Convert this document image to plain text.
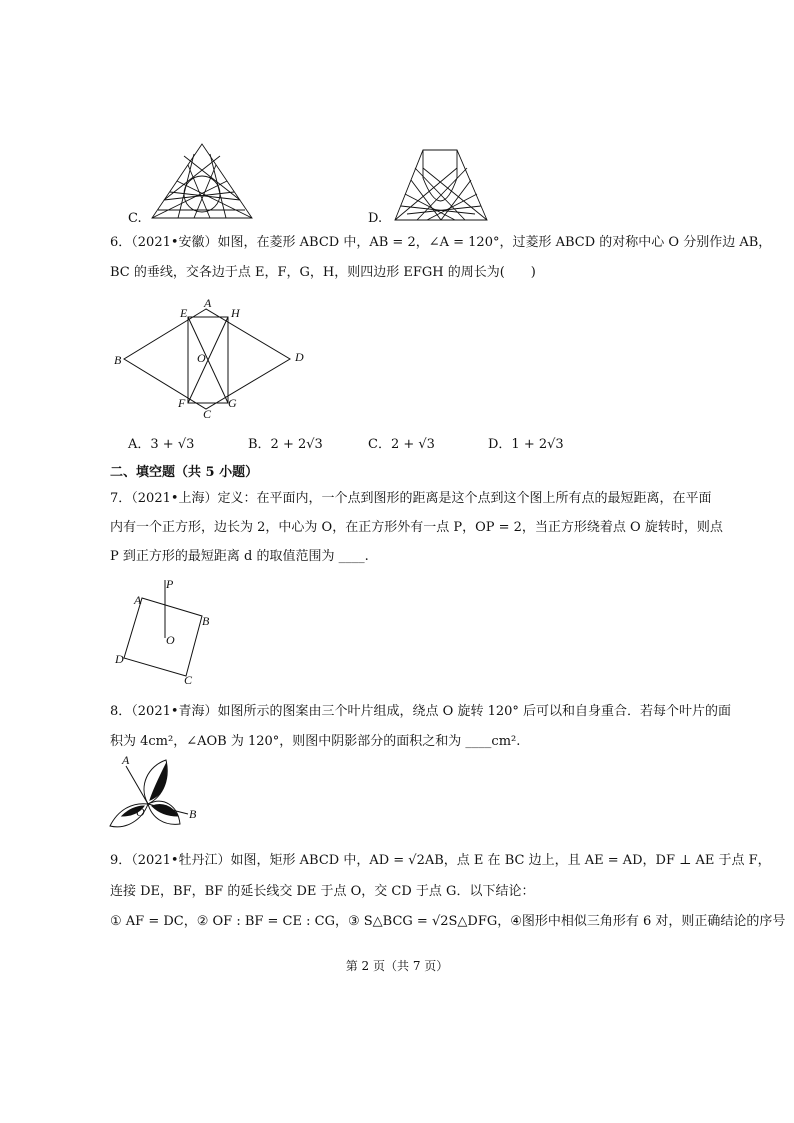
C.	D.
6．（2021•安徽）如图，在菱形 ABCD 中，AB = 2，∠A = 120°，过菱形 ABCD 的对称中心 O 分别作边 AB，
BC 的垂线，交各边于点 E，F，G，H，则四边形 EFGH 的周长为(　　)
A
E	H
B	O	D
F	G
C
A．3 + √3	B．2 + 2√3	C．2 + √3	D．1 + 2√3
二、填空题（共 5 小题）
7．（2021•上海）定义：在平面内，一个点到图形的距离是这个点到这个图上所有点的最短距离，在平面
内有一个正方形，边长为 2，中心为 O，在正方形外有一点 P，OP = 2，当正方形绕着点 O 旋转时，则点
P 到正方形的最短距离 d 的取值范围为 ____.
P
A
B
O
D
C
8．（2021•青海）如图所示的图案由三个叶片组成，绕点 O 旋转 120° 后可以和自身重合．若每个叶片的面
积为 4cm²，∠AOB 为 120°，则图中阴影部分的面积之和为 ____cm².
A
O	B
9．（2021•牡丹江）如图，矩形 ABCD 中，AD = √2AB，点 E 在 BC 边上，且 AE = AD，DF ⊥ AE 于点 F，
连接 DE，BF，BF 的延长线交 DE 于点 O，交 CD 于点 G．以下结论：
① AF = DC，② OF : BF = CE : CG，③ S△BCG = √2S△DFG，④图形中相似三角形有 6 对，则正确结论的序号
第 2 页（共 7 页）
